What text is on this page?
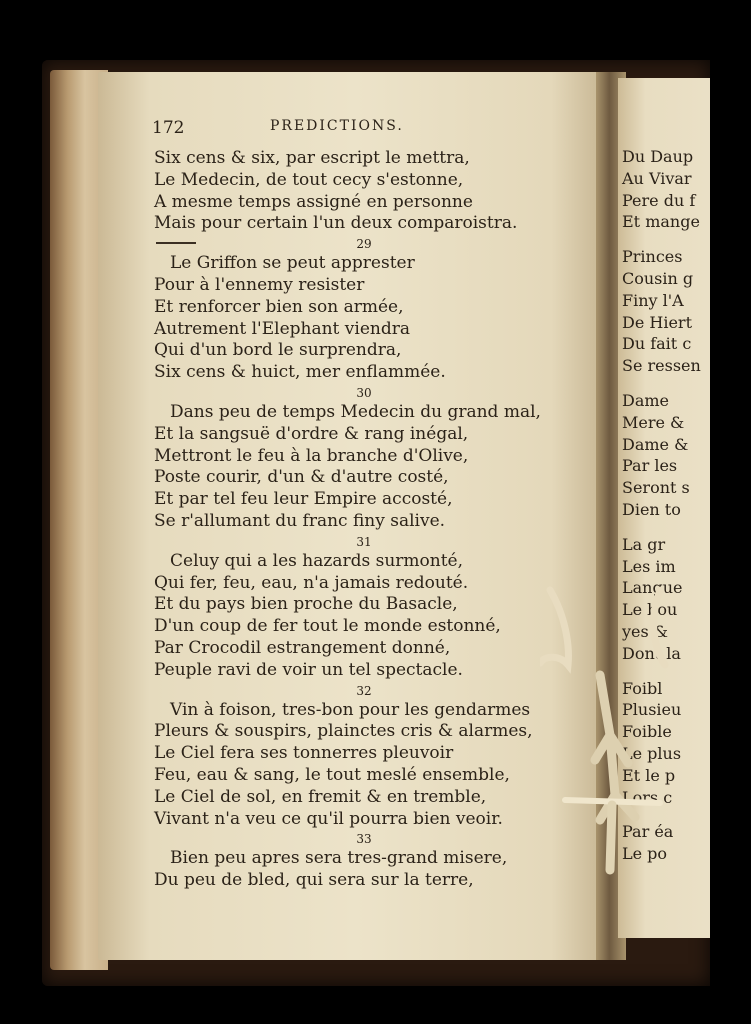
Du Daup
Au Vivar
Pere du f
Et mange
Princes
Cousin g
Finy l'A
De Hiert
Du fait c
Se ressen
Dame
Mere &
Dame &
Par les
Seront s
Dien to
La gr
Les im
Langue
Le bou
yes &
Dont la
Foibl
Plusieu
Foible
Le plus
Et le p
Lors c
Par éa
Le po
172	PREDICTIONS.
Six cens & six, par escript le mettra,
Le Medecin, de tout cecy s'estonne,
A mesme temps assigné en personne
Mais pour certain l'un deux comparoistra.
29
Le Griffon se peut apprester
Pour à l'ennemy resister
Et renforcer bien son armée,
Autrement l'Elephant viendra
Qui d'un bord le surprendra,
Six cens & huict, mer enflammée.
30
Dans peu de temps Medecin du grand mal,
Et la sangsuë d'ordre & rang inégal,
Mettront le feu à la branche d'Olive,
Poste courir, d'un & d'autre costé,
Et par tel feu leur Empire accosté,
Se r'allumant du franc finy salive.
31
Celuy qui a les hazards surmonté,
Qui fer, feu, eau, n'a jamais redouté.
Et du pays bien proche du Basacle,
D'un coup de fer tout le monde estonné,
Par Crocodil estrangement donné,
Peuple ravi de voir un tel spectacle.
32
Vin à foison, tres-bon pour les gendarmes
Pleurs & souspirs, plainctes cris & alarmes,
Le Ciel fera ses tonnerres pleuvoir
Feu, eau & sang, le tout meslé ensemble,
Le Ciel de sol, en fremit & en tremble,
Vivant n'a veu ce qu'il pourra bien veoir.
33
Bien peu apres sera tres-grand misere,
Du peu de bled, qui sera sur la terre,
